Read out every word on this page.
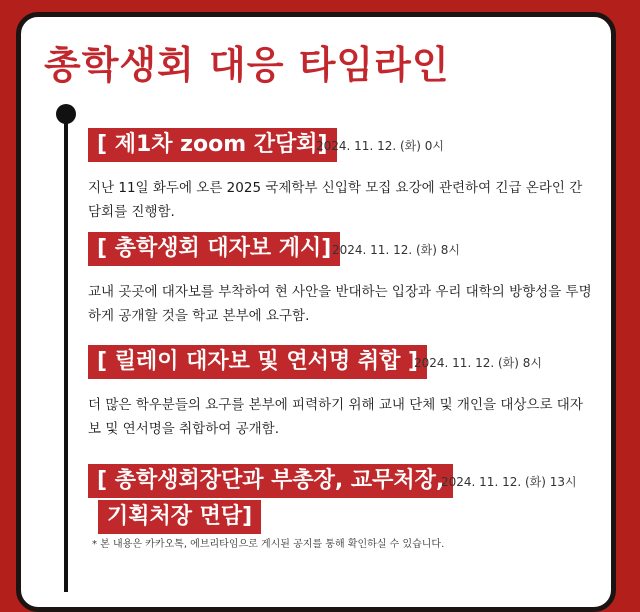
총학생회 대응 타임라인
[ 제1차 zoom 간담회]
2024. 11. 12. (화) 0시
지난 11일 화두에 오른 2025 국제학부 신입학 모집 요강에 관련하여 긴급 온라인 간담회를 진행함.
[ 총학생회 대자보 게시] 2024. 11. 12. (화) 8시
교내 곳곳에 대자보를 부착하여 현 사안을 반대하는 입장과 우리 대학의 방향성을 투명하게 공개할 것을 학교 본부에 요구함.
[ 릴레이 대자보 및 연서명 취합 ]
2024. 11. 12. (화) 8시
더 많은 학우분들의 요구를 본부에 피력하기 위해 교내 단체 및 개인을 대상으로 대자보 및 연서명을 취합하여 공개함.
[ 총학생회장단과 부총장, 교무처장,
2024. 11. 12. (화) 13시
기획처장 면담]
* 본 내용은 카카오톡, 에브리타임으로 게시된 공지를 통해 확인하실 수 있습니다.
